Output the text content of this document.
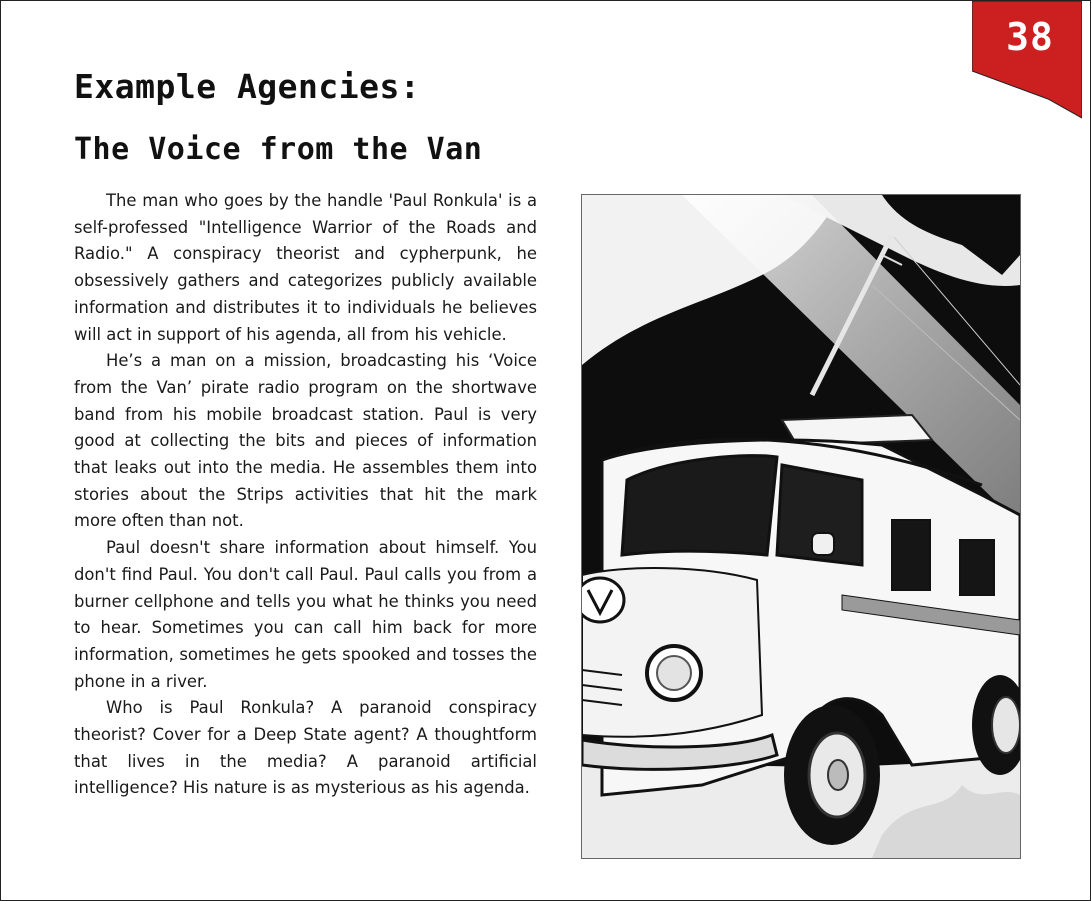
38
Example Agencies:
The Voice from the Van

The man who goes by the handle 'Paul Ronkula' is a self-professed "Intelligence Warrior of the Roads and Radio." A conspiracy theorist and cypherpunk, he obsessively gathers and categorizes publicly available information and distributes it to individuals he believes will act in support of his agenda, all from his vehicle.

He’s a man on a mission, broadcasting his ‘Voice from the Van’ pirate radio program on the shortwave band from his mobile broadcast station. Paul is very good at collecting the bits and pieces of information that leaks out into the media. He assembles them into stories about the Strips activities that hit the mark more often than not.

Paul doesn't share information about himself. You don't find Paul. You don't call Paul. Paul calls you from a burner cellphone and tells you what he thinks you need to hear. Sometimes you can call him back for more information, sometimes he gets spooked and tosses the phone in a river.

Who is Paul Ronkula? A paranoid conspiracy theorist? Cover for a Deep State agent? A thoughtform that lives in the media? A paranoid artificial intelligence? His nature is as mysterious as his agenda.
